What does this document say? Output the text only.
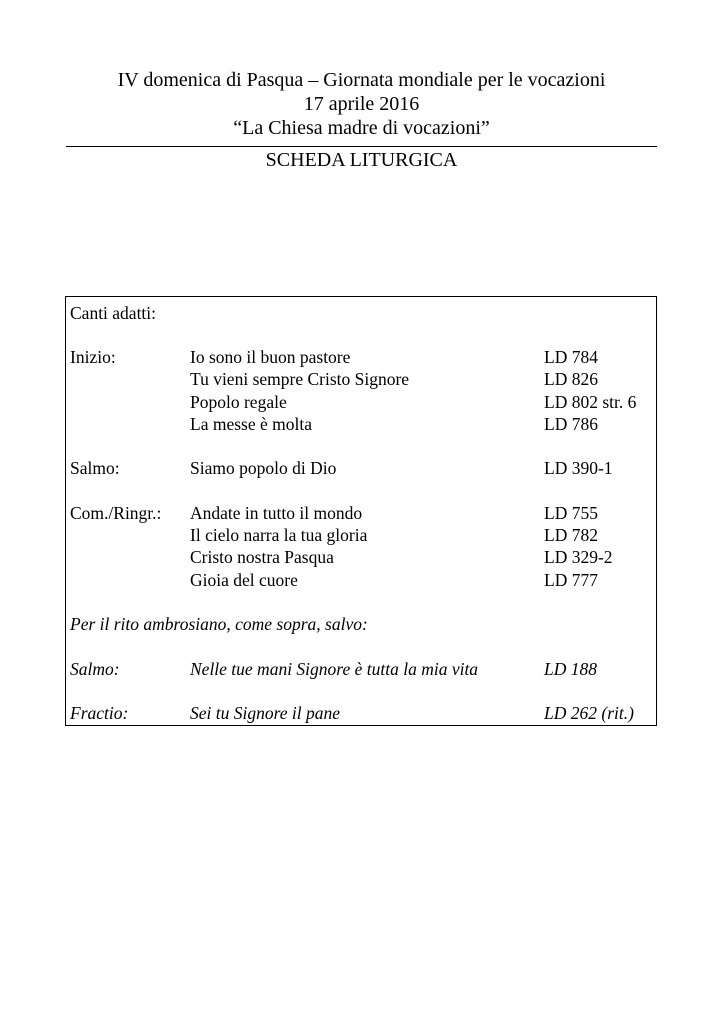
IV domenica di Pasqua – Giornata mondiale per le vocazioni
17 aprile 2016
“La Chiesa madre di vocazioni”
SCHEDA LITURGICA
Canti adatti:
Inizio:	Io sono il buon pastore	LD 784
Tu vieni sempre Cristo Signore	LD 826
Popolo regale	LD 802 str. 6
La messe è molta	LD 786
Salmo:	Siamo popolo di Dio	LD 390-1
Com./Ringr.: Andate in tutto il mondo	LD 755
Il cielo narra la tua gloria	LD 782
Cristo nostra Pasqua	LD 329-2
Gioia del cuore	LD 777
Per il rito ambrosiano, come sopra, salvo:
Salmo:	Nelle tue mani Signore è tutta la mia vita	LD 188
Fractio:	Sei tu Signore il pane	LD 262 (rit.)
